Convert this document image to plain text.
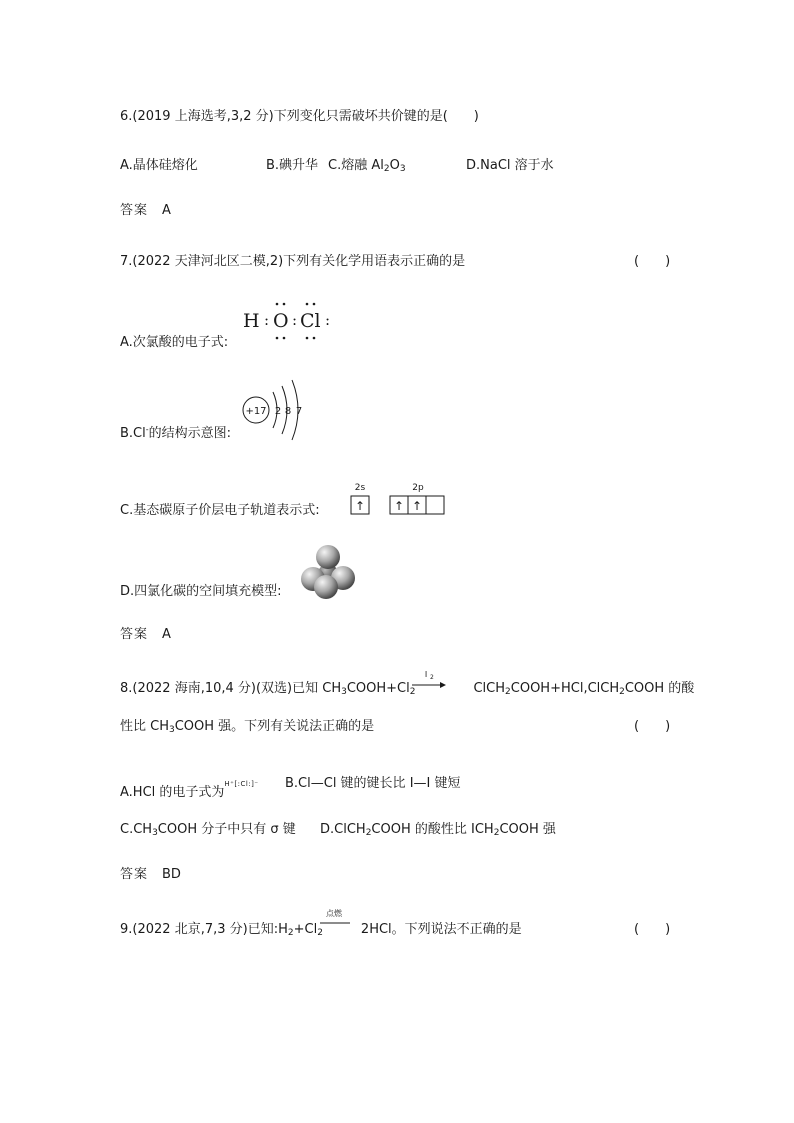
6.(2019 上海选考,3,2 分)下列变化只需破坏共价键的是(　　)
A.晶体硅熔化	B.碘升华 C.熔融 $Al_2O_3$	D.NaCl 溶于水
答案 A
7.(2022 天津河北区二模,2)下列有关化学用语表示正确的是	(　　)
A.次氯酸的电子式:
H : O : Cl :
B.Cl-的结构示意图:
+17 2 8 7
C.基态碳原子价层电子轨道表示式:
2s
↑
2p
↑ ↑
D.四氯化碳的空间填充模型:
答案 A
8.(2022 海南,10,4 分)(双选)已知 $CH_3COOH+Cl_2$	ClCH$_2$COOH+HCl,ClCH$_2$COOH 的酸
I 2
性比 $CH_3COOH$ 强。下列有关说法正确的是	(　　)
A.HCl 的电子式为$^{H^+[:Cl:]^-}$ B.Cl—Cl 键的键长比 I—I 键短
$C.CH_3COOH$ 分子中只有 σ 键 D.ClCH$_2$COOH 的酸性比 $ICH_2COOH$ 强
答案 BD
9.(2022 北京,7,3 分)已知$:H_2+Cl_2$	2HCl。下列说法不正确的是
点燃
(　　)
